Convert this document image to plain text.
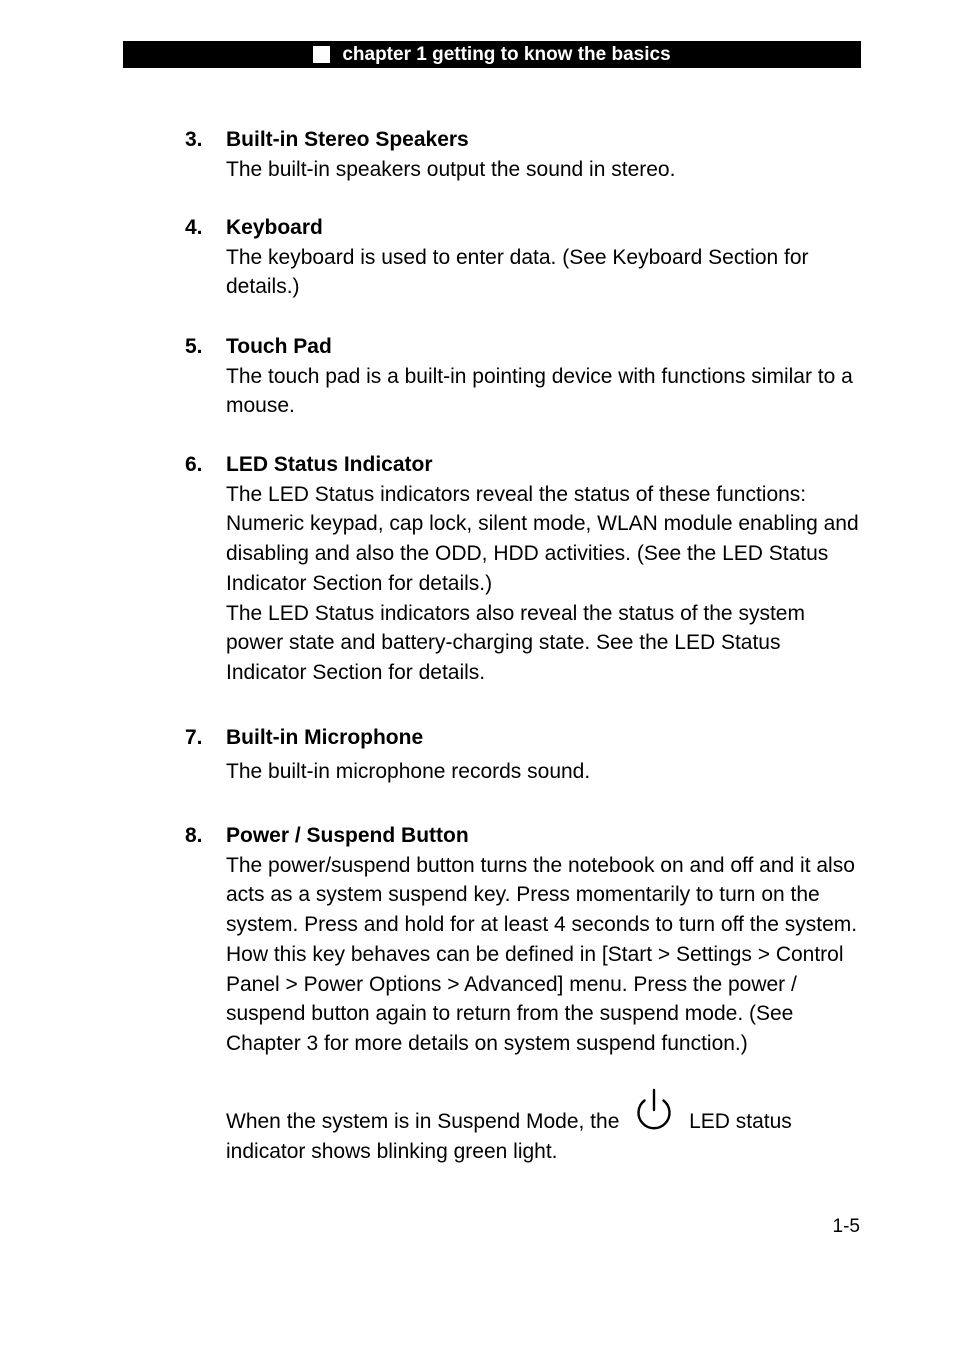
chapter 1 getting to know the basics
3. Built-in Stereo Speakers

The built-in speakers output the sound in stereo.

4. Keyboard

The keyboard is used to enter data. (See Keyboard Section for details.)

5. Touch Pad

The touch pad is a built-in pointing device with functions similar to a mouse.

6. LED Status Indicator

The LED Status indicators reveal the status of these functions: Numeric keypad, cap lock, silent mode, WLAN module enabling and disabling and also the ODD, HDD activities. (See the LED Status Indicator Section for details.)

The LED Status indicators also reveal the status of the system power state and battery-charging state. See the LED Status Indicator Section for details.

7. Built-in Microphone

The built-in microphone records sound.

8. Power / Suspend Button

The power/suspend button turns the notebook on and off and it also acts as a system suspend key. Press momentarily to turn on the system. Press and hold for at least 4 seconds to turn off the system. How this key behaves can be defined in [Start > Settings > Control Panel > Power Options > Advanced] menu. Press the power / suspend button again to return from the suspend mode. (See Chapter 3 for more details on system suspend function.)

When the system is in Suspend Mode, the	LED status indicator shows blinking green light.
1-5
